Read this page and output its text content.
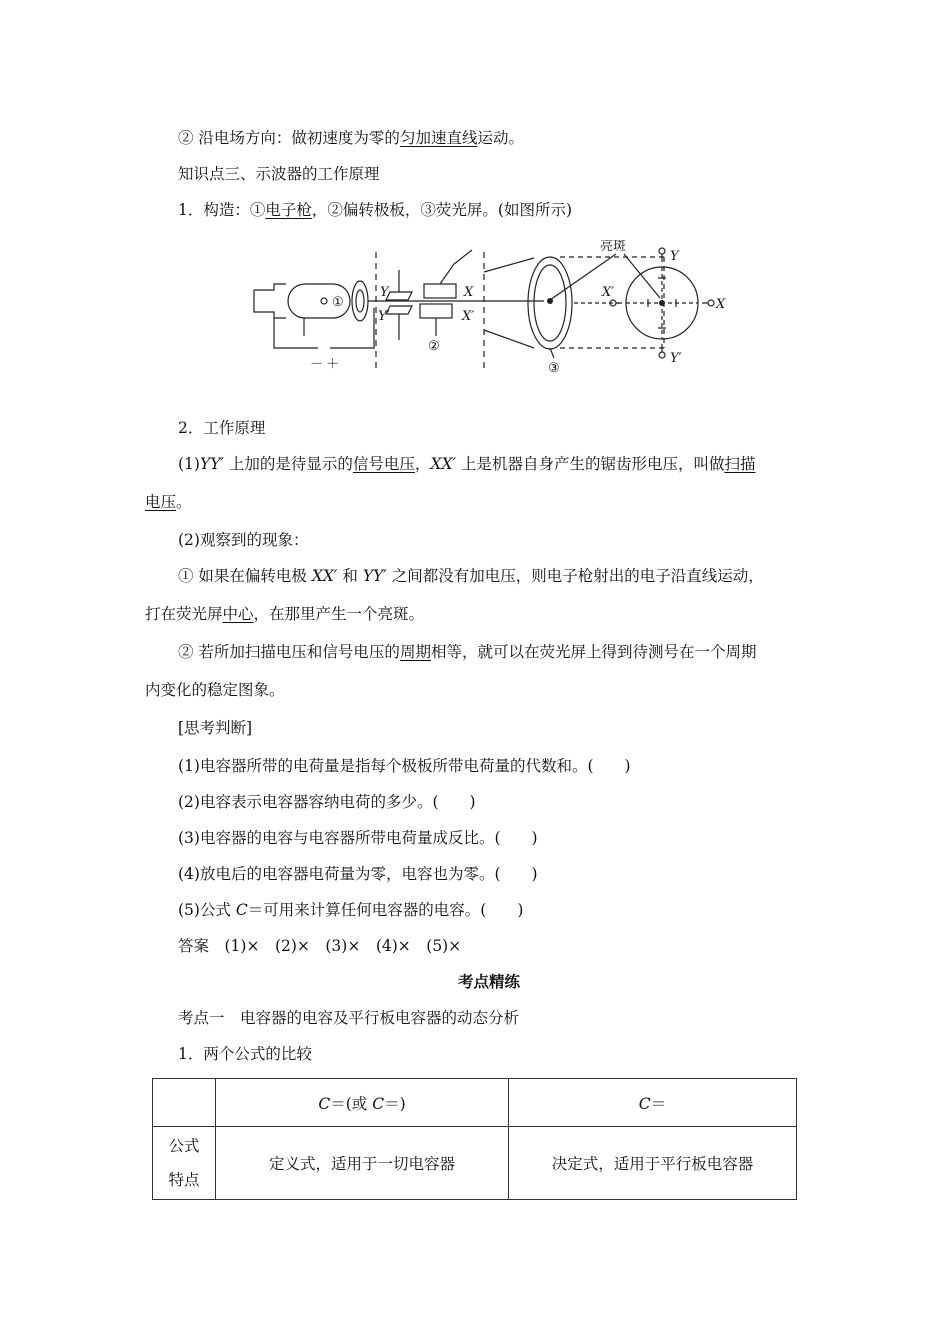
② 沿电场方向：做初速度为零的匀加速直线运动。
知识点三、示波器的工作原理
1．构造：①电子枪，②偏转极板，③荧光屏。(如图所示)
①
Y
Y′
X
X′
②
－ ＋	③
亮斑
Y
Y′
X
X′
2．工作原理
(1)YY′ 上加的是待显示的信号电压，XX′ 上是机器自身产生的锯齿形电压，叫做扫描
电压。
(2)观察到的现象：
① 如果在偏转电极 XX′ 和 YY′ 之间都没有加电压，则电子枪射出的电子沿直线运动，
打在荧光屏中心，在那里产生一个亮斑。
② 若所加扫描电压和信号电压的周期相等，就可以在荧光屏上得到待测号在一个周期
内变化的稳定图象。
[思考判断]
(1)电容器所带的电荷量是指每个极板所带电荷量的代数和。(　　)
(2)电容表示电容器容纳电荷的多少。(　　)
(3)电容器的电容与电容器所带电荷量成反比。(　　)
(4)放电后的电容器电荷量为零，电容也为零。(　　)
(5)公式 C＝可用来计算任何电容器的电容。(　　)
答案　(1)×　(2)×　(3)×　(4)×　(5)×
考点精练
考点一　电容器的电容及平行板电容器的动态分析
1．两个公式的比较
	C＝(或 C＝)	C＝
公式
特点	定义式，适用于一切电容器	决定式，适用于平行板电容器
